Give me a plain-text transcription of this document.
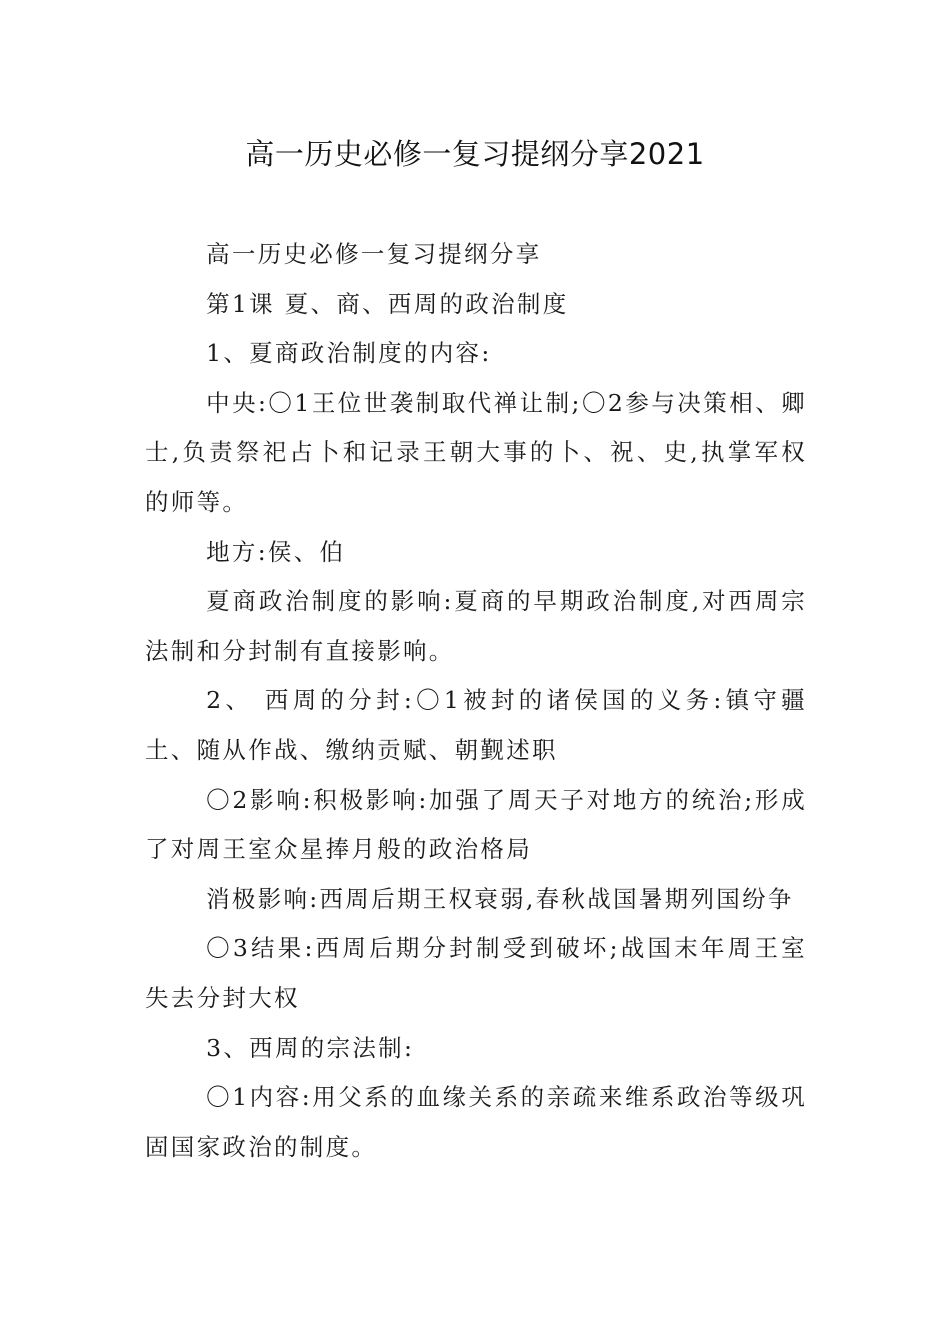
高一历史必修一复习提纲分享2021

高一历史必修一复习提纲分享

第1课 夏、商、西周的政治制度

1、夏商政治制度的内容:

中央:〇1王位世袭制取代禅让制;〇2参与决策相、卿士,负责祭祀占卜和记录王朝大事的卜、祝、史,执掌军权的师等。

地方:侯、伯

夏商政治制度的影响:夏商的早期政治制度,对西周宗法制和分封制有直接影响。

2、 西周的分封:〇1被封的诸侯国的义务:镇守疆土、随从作战、缴纳贡赋、朝觐述职

〇2影响:积极影响:加强了周天子对地方的统治;形成了对周王室众星捧月般的政治格局

消极影响:西周后期王权衰弱,春秋战国暑期列国纷争

〇3结果:西周后期分封制受到破坏;战国末年周王室失去分封大权

3、西周的宗法制:

〇1内容:用父系的血缘关系的亲疏来维系政治等级巩固国家政治的制度。
